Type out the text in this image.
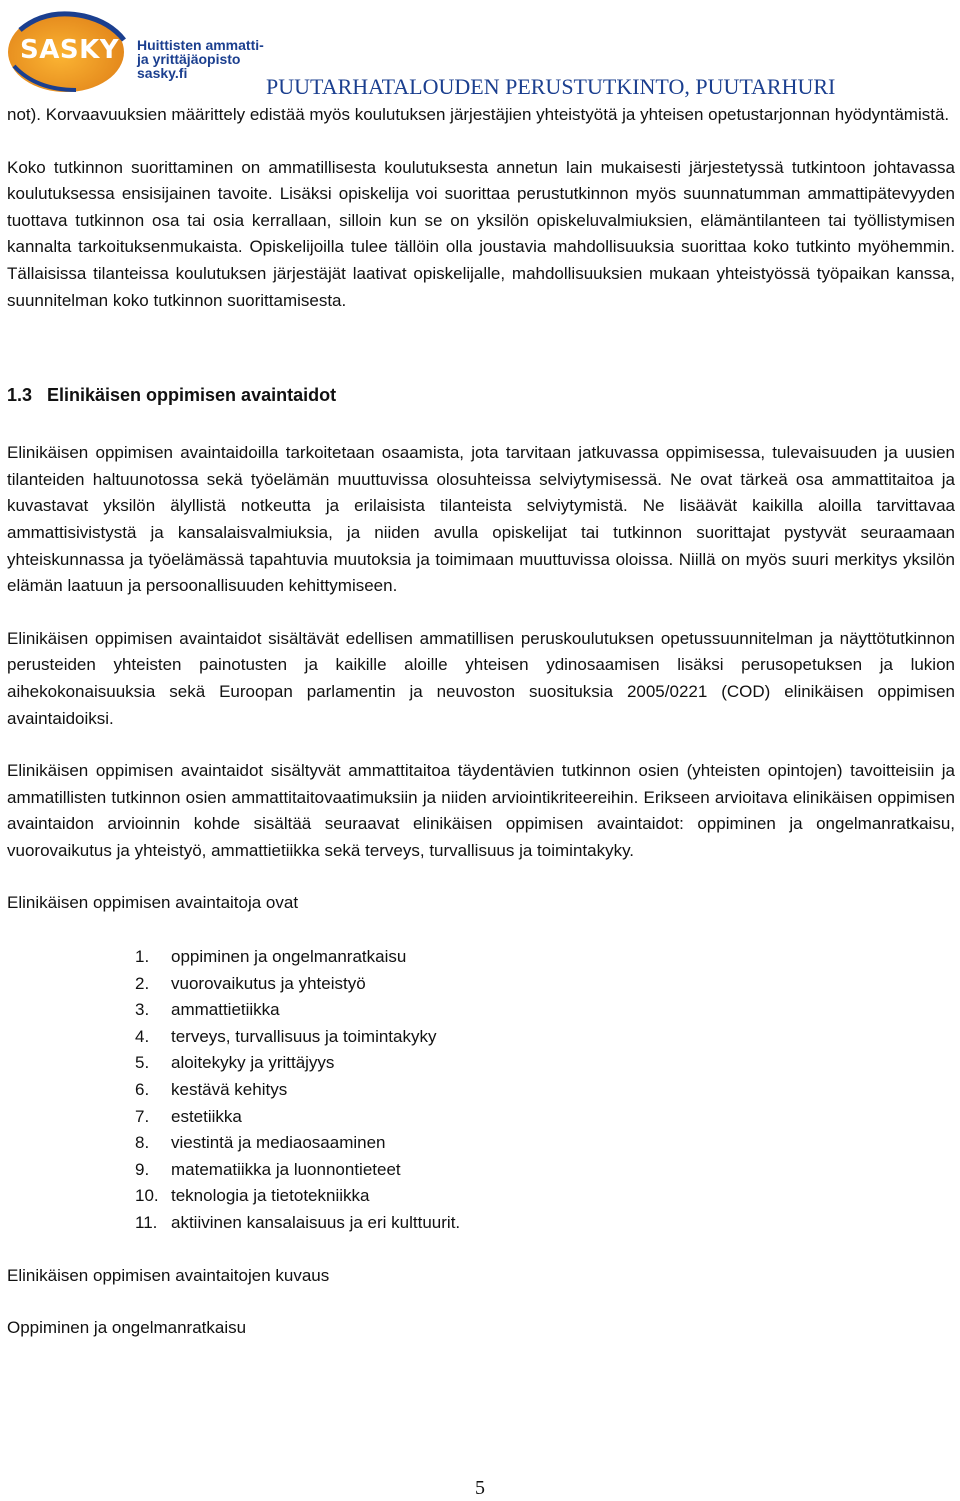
SASKY Huittisten ammatti-
ja yrittäjäopisto
sasky.fi
PUUTARHATALOUDEN PERUSTUTKINTO, PUUTARHURI

not). Korvaavuuksien määrittely edistää myös koulutuksen järjestäjien yhteistyötä ja yhteisen opetustarjonnan hyödyntämistä.

Koko tutkinnon suorittaminen on ammatillisesta koulutuksesta annetun lain mukaisesti järjestetyssä tutkintoon johtavassa koulutuksessa ensisijainen tavoite. Lisäksi opiskelija voi suorittaa perustutkinnon myös suunnatumman ammattipätevyyden tuottava tutkinnon osa tai osia kerrallaan, silloin kun se on yksilön opiskeluvalmiuksien, elämäntilanteen tai työllistymisen kannalta tarkoituksenmukaista. Opiskelijoilla tulee tällöin olla joustavia mahdollisuuksia suorittaa koko tutkinto myöhemmin. Tällaisissa tilanteissa koulutuksen järjestäjät laativat opiskelijalle, mahdollisuuksien mukaan yhteistyössä työpaikan kanssa, suunnitelman koko tutkinnon suorittamisesta.

1.3 Elinikäisen oppimisen avaintaidot

Elinikäisen oppimisen avaintaidoilla tarkoitetaan osaamista, jota tarvitaan jatkuvassa oppimisessa, tulevaisuuden ja uusien tilanteiden haltuunotossa sekä työelämän muuttuvissa olosuhteissa selviytymisessä. Ne ovat tärkeä osa ammattitaitoa ja kuvastavat yksilön älyllistä notkeutta ja erilaisista tilanteista selviytymistä. Ne lisäävät kaikilla aloilla tarvittavaa ammattisivistystä ja kansalaisvalmiuksia, ja niiden avulla opiskelijat tai tutkinnon suorittajat pystyvät seuraamaan yhteiskunnassa ja työelämässä tapahtuvia muutoksia ja toimimaan muuttuvissa oloissa. Niillä on myös suuri merkitys yksilön elämän laatuun ja persoonallisuuden kehittymiseen.

Elinikäisen oppimisen avaintaidot sisältävät edellisen ammatillisen peruskoulutuksen opetussuunnitelman ja näyttötutkinnon perusteiden yhteisten painotusten ja kaikille aloille yhteisen ydinosaamisen lisäksi perusopetuksen ja lukion aihekokonaisuuksia sekä Euroopan parlamentin ja neuvoston suosituksia 2005/0221 (COD) elinikäisen oppimisen avaintaidoiksi.

Elinikäisen oppimisen avaintaidot sisältyvät ammattitaitoa täydentävien tutkinnon osien (yhteisten opintojen) tavoitteisiin ja ammatillisten tutkinnon osien ammattitaitovaatimuksiin ja niiden arviointikriteereihin. Erikseen arvioitava elinikäisen oppimisen avaintaidon arvioinnin kohde sisältää seuraavat elinikäisen oppimisen avaintaidot: oppiminen ja ongelmanratkaisu, vuorovaikutus ja yhteistyö, ammattietiikka sekä terveys, turvallisuus ja toimintakyky.

Elinikäisen oppimisen avaintaitoja ovat

1.	oppiminen ja ongelmanratkaisu
2.	vuorovaikutus ja yhteistyö
3.	ammattietiikka
4.	terveys, turvallisuus ja toimintakyky
5.	aloitekyky ja yrittäjyys
6.	kestävä kehitys
7.	estetiikka
8.	viestintä ja mediaosaaminen
9.	matematiikka ja luonnontieteet
10. teknologia ja tietotekniikka
11. aktiivinen kansalaisuus ja eri kulttuurit.

Elinikäisen oppimisen avaintaitojen kuvaus

Oppiminen ja ongelmanratkaisu

5
